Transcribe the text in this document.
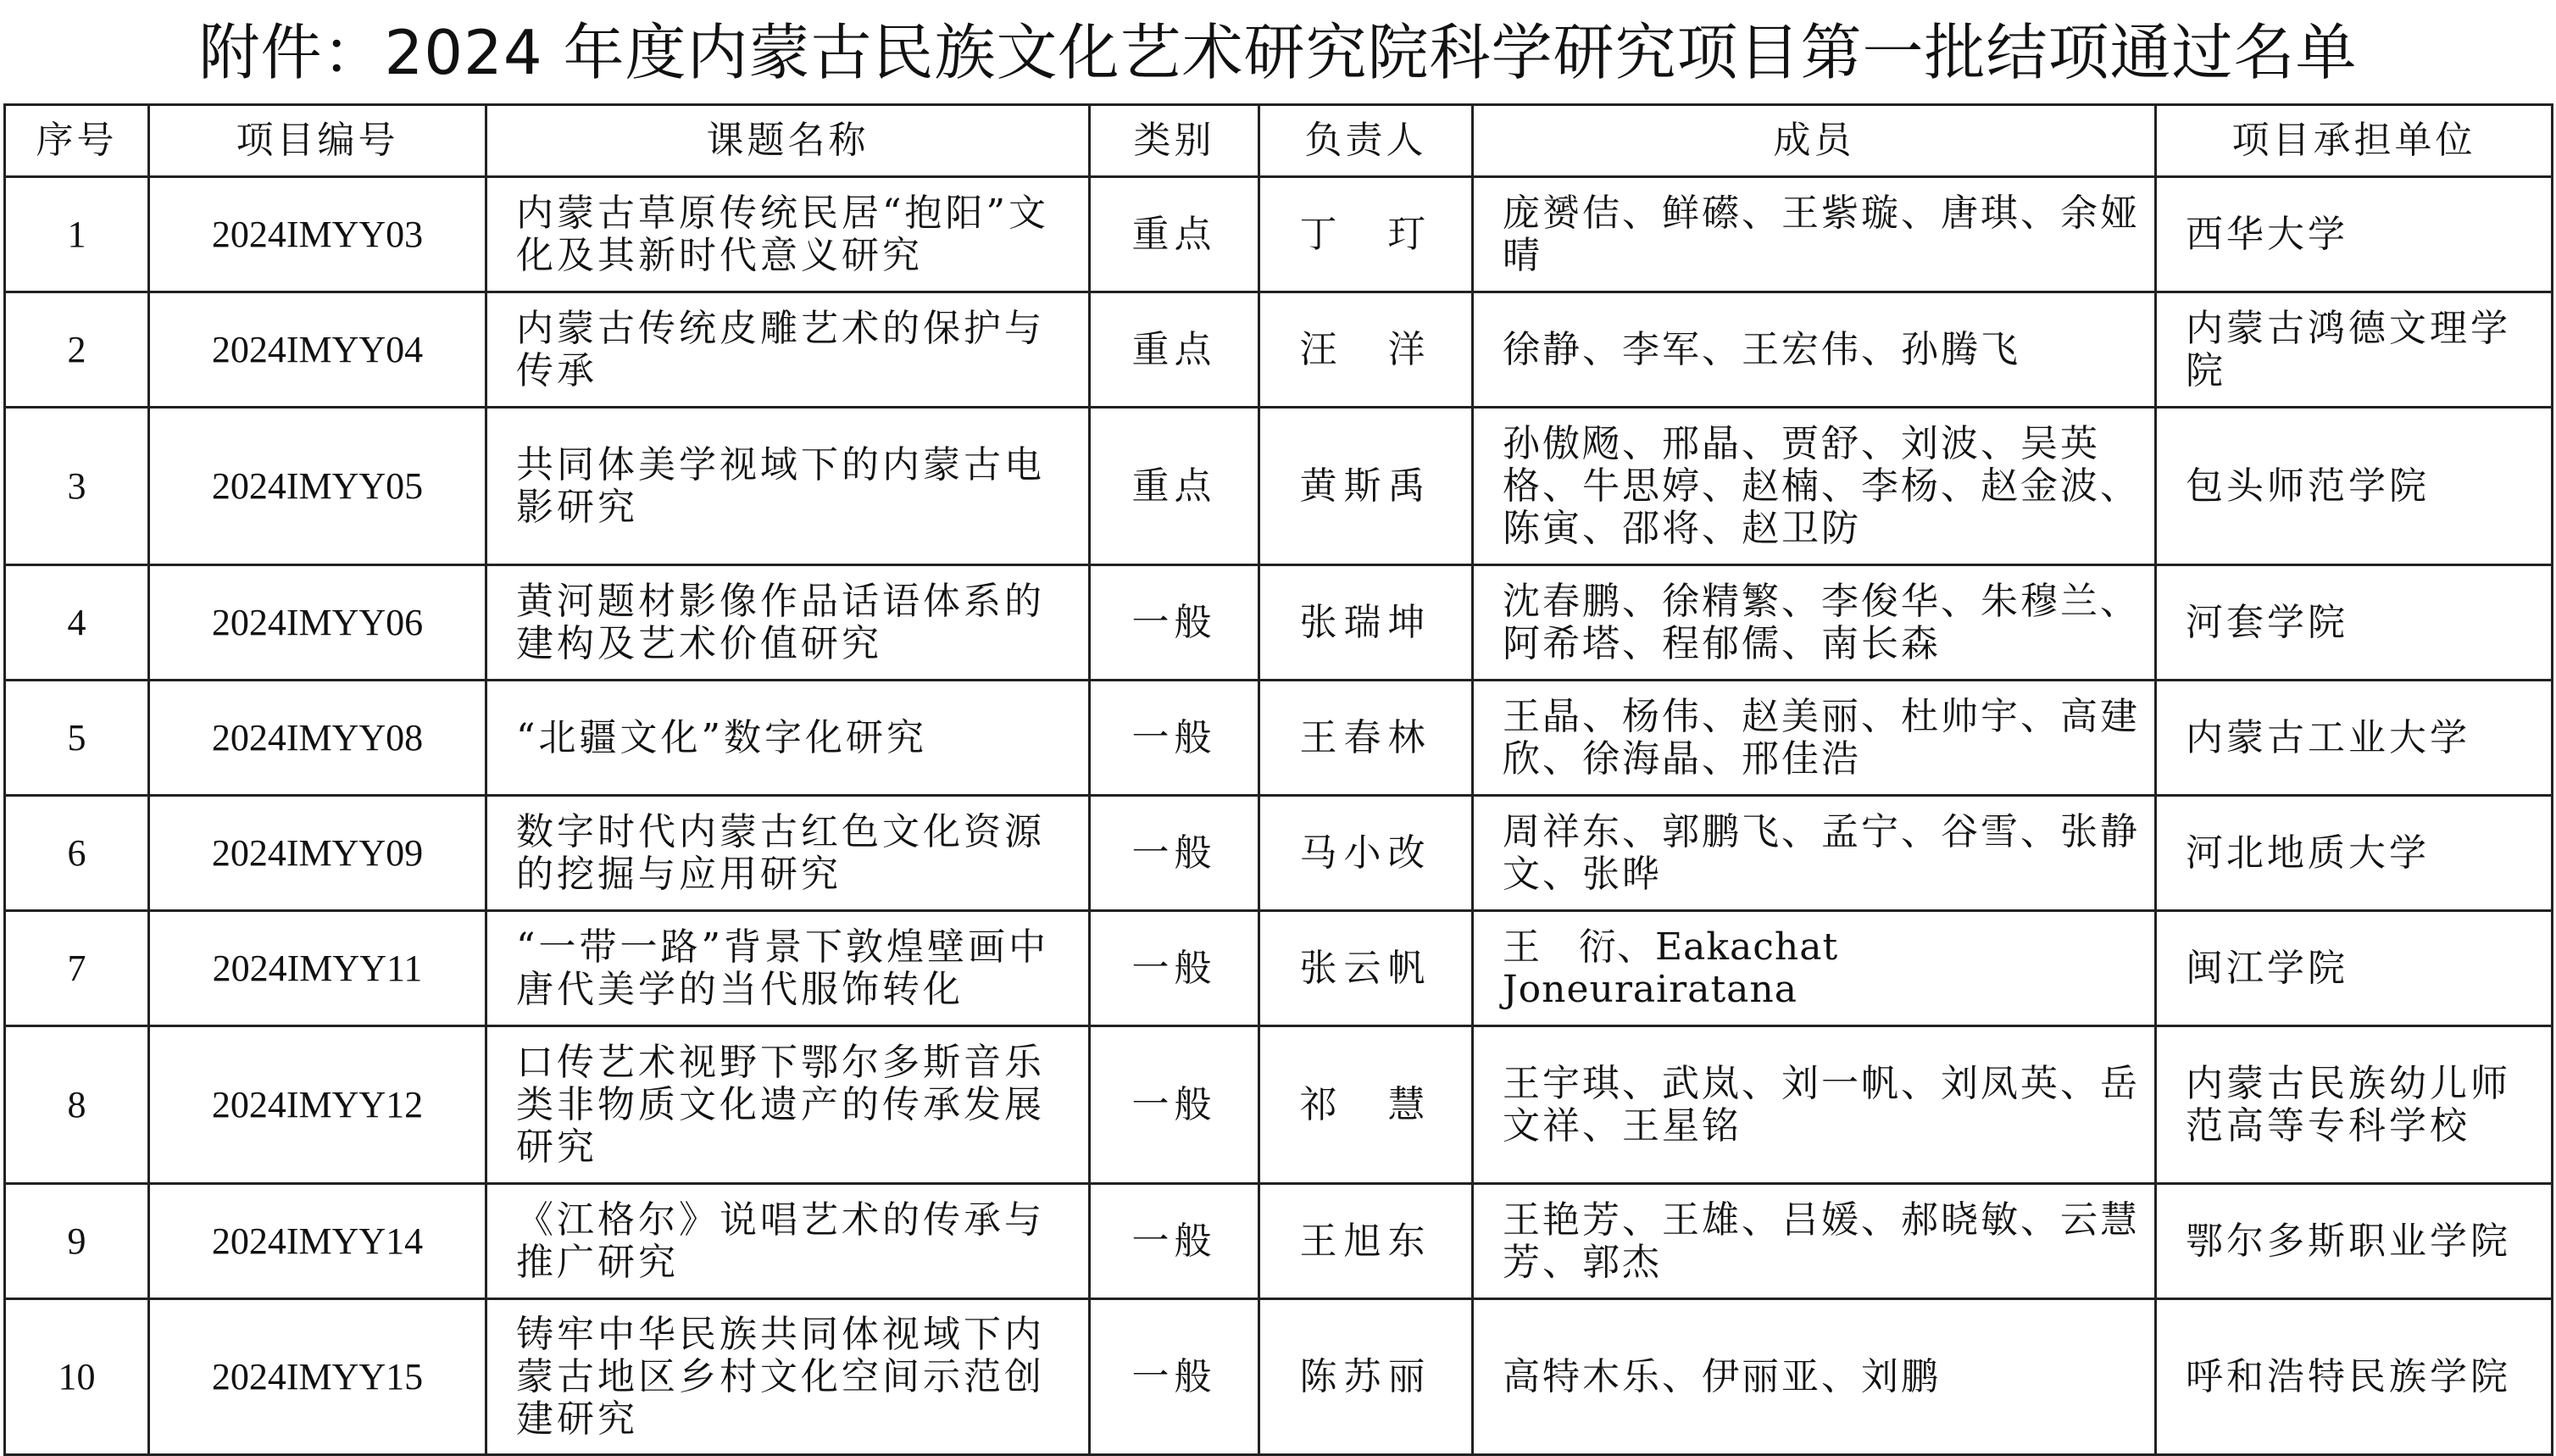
附件：2024 年度内蒙古民族文化艺术研究院科学研究项目第一批结项通过名单
序号	项目编号	课题名称	类别	负责人	成员	项目承担单位
1	2024IMYY03	内蒙古草原传统民居“抱阳”文化及其新时代意义研究	重点	丁　玎	庞赟佶、鲜礤、王紫璇、唐琪、余娅晴	西华大学
2	2024IMYY04	内蒙古传统皮雕艺术的保护与传承	重点	汪　洋	徐静、李军、王宏伟、孙腾飞	内蒙古鸿德文理学院
3	2024IMYY05	共同体美学视域下的内蒙古电影研究	重点	黄斯禹	孙傲飏、邢晶、贾舒、刘波、吴英格、牛思婷、赵楠、李杨、赵金波、陈寅、邵将、赵卫防	包头师范学院
4	2024IMYY06	黄河题材影像作品话语体系的建构及艺术价值研究	一般	张瑞坤	沈春鹏、徐精繁、李俊华、朱穆兰、阿希塔、程郁儒、南长森	河套学院
5	2024IMYY08	“北疆文化”数字化研究	一般	王春林	王晶、杨伟、赵美丽、杜帅宇、高建欣、徐海晶、邢佳浩	内蒙古工业大学
6	2024IMYY09	数字时代内蒙古红色文化资源的挖掘与应用研究	一般	马小改	周祥东、郭鹏飞、孟宁、谷雪、张静文、张晔	河北地质大学
7	2024IMYY11	“一带一路”背景下敦煌壁画中唐代美学的当代服饰转化	一般	张云帆	王　衍、Eakachat Joneurairatana	闽江学院
8	2024IMYY12	口传艺术视野下鄂尔多斯音乐类非物质文化遗产的传承发展研究	一般	祁　慧	王宇琪、武岚、刘一帆、刘凤英、岳文祥、王星铭	内蒙古民族幼儿师范高等专科学校
9	2024IMYY14	《江格尔》说唱艺术的传承与推广研究	一般	王旭东	王艳芳、王雄、吕媛、郝晓敏、云慧芳、郭杰	鄂尔多斯职业学院
10	2024IMYY15	铸牢中华民族共同体视域下内蒙古地区乡村文化空间示范创建研究	一般	陈苏丽	高特木乐、伊丽亚、刘鹏	呼和浩特民族学院
